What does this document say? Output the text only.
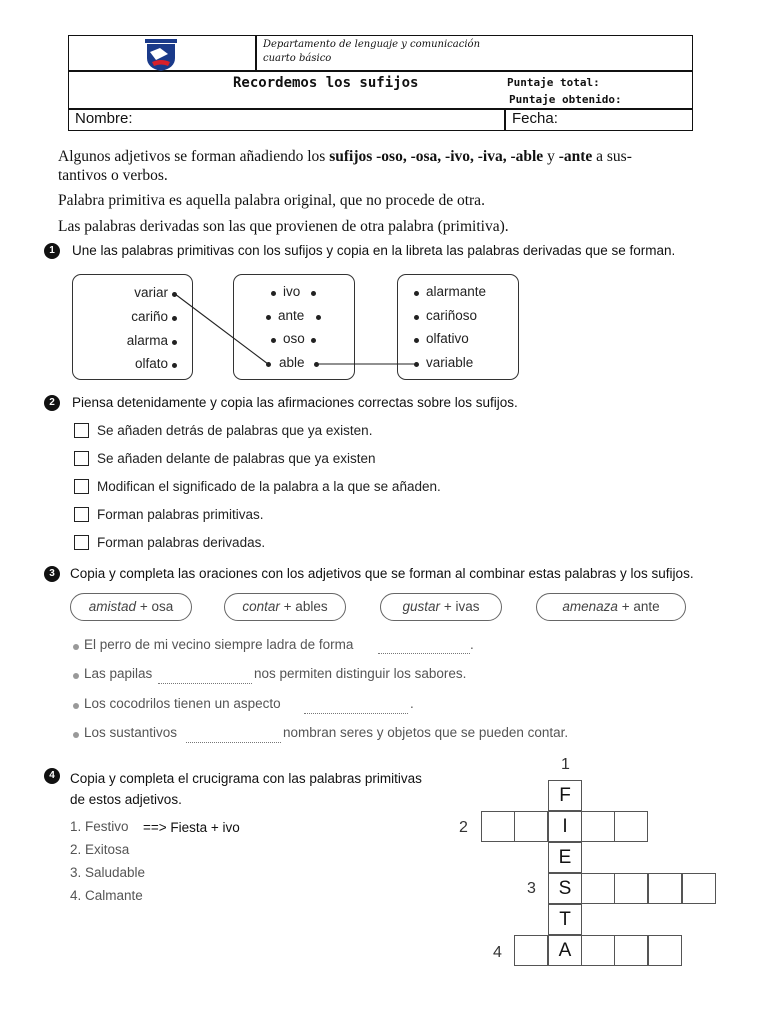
Departamento de lenguaje y comunicación
cuarto básico
Recordemos los sufijos	Puntaje total:
Puntaje obtenido:
Nombre:	Fecha:
Algunos adjetivos se forman añadiendo los sufijos -oso, -osa, -ivo, -iva, -able y -ante a sus-
tantivos o verbos.
Palabra primitiva es aquella palabra original, que no procede de otra.
Las palabras derivadas son las que provienen de otra palabra (primitiva).
1	Une las palabras primitivas con los sufijos y copia en la libreta las palabras derivadas que se forman.
variar
cariño
alarma
olfato
ivo
ante
oso
able
alarmante
cariñoso
olfativo
variable
2	Piensa detenidamente y copia las afirmaciones correctas sobre los sufijos.
Se añaden detrás de palabras que ya existen.
Se añaden delante de palabras que ya existen
Modifican el significado de la palabra a la que se añaden.
Forman palabras primitivas.
Forman palabras derivadas.
3	Copia y completa las oraciones con los adjetivos que se forman al combinar estas palabras y los sufijos.
amistad + osa	contar + ables	gustar + ivas	amenaza + ante
El perro de mi vecino siempre ladra de forma	.
Las papilas	nos permiten distinguir los sabores.
Los cocodrilos tienen un aspecto	.
Los sustantivos	nombran seres y objetos que se pueden contar.
4	Copia y completa el crucigrama con las palabras primitivas
de estos adjetivos.
1. Festivo ==> Fiesta + ivo
2. Exitosa
3. Saludable
4. Calmante
1
2
3
4
F
I
E
S
T
A
